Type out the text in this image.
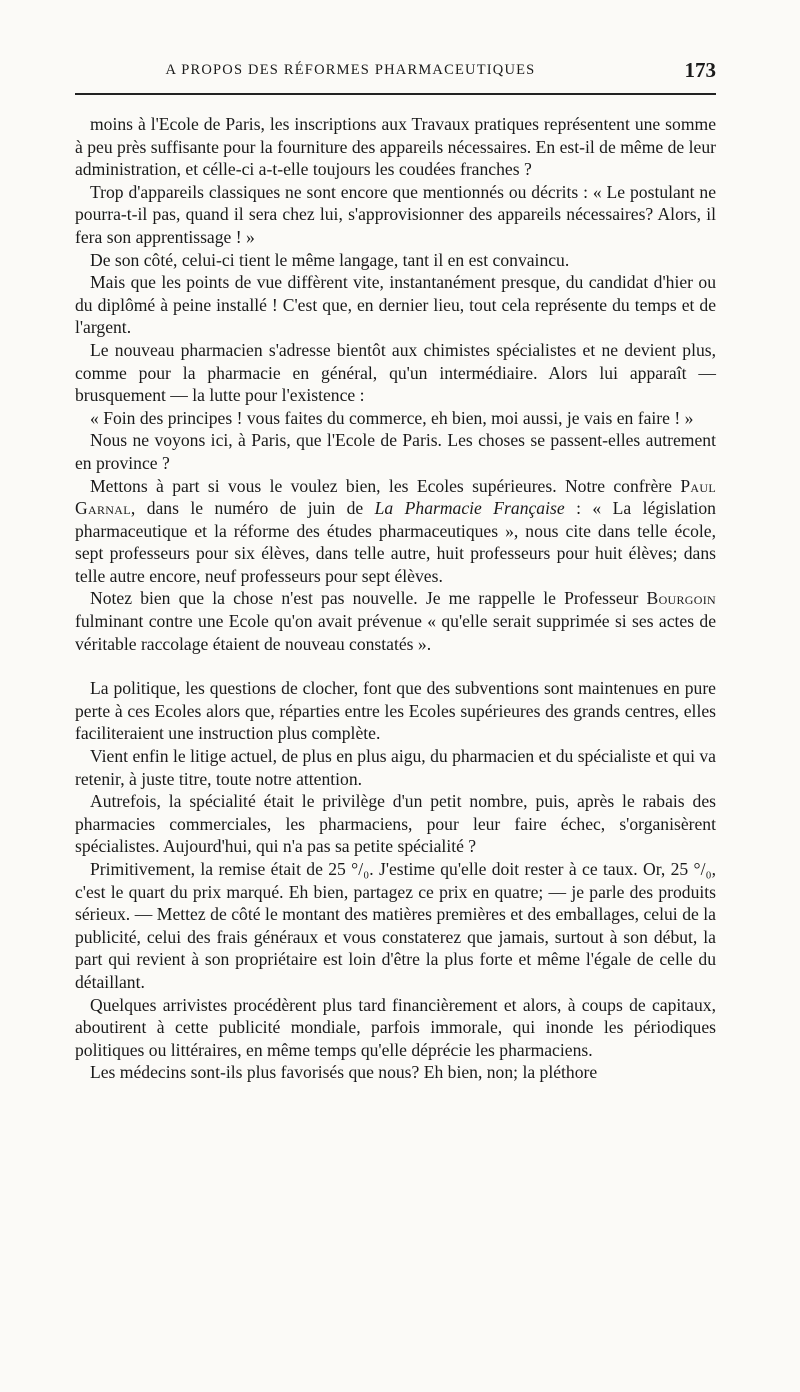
A PROPOS DES RÉFORMES PHARMACEUTIQUES	173

moins à l'Ecole de Paris, les inscriptions aux Travaux pratiques représentent une somme à peu près suffisante pour la fourniture des appareils nécessaires. En est-il de même de leur administration, et célle-ci a-t-elle toujours les coudées franches ?

Trop d'appareils classiques ne sont encore que mentionnés ou décrits : « Le postulant ne pourra-t-il pas, quand il sera chez lui, s'approvisionner des appareils nécessaires? Alors, il fera son apprentissage ! »

De son côté, celui-ci tient le même langage, tant il en est convaincu.

Mais que les points de vue diffèrent vite, instantanément presque, du candidat d'hier ou du diplômé à peine installé ! C'est que, en dernier lieu, tout cela représente du temps et de l'argent.

Le nouveau pharmacien s'adresse bientôt aux chimistes spécialistes et ne devient plus, comme pour la pharmacie en général, qu'un intermédiaire. Alors lui apparaît — brusquement — la lutte pour l'existence :

« Foin des principes ! vous faites du commerce, eh bien, moi aussi, je vais en faire ! »

Nous ne voyons ici, à Paris, que l'Ecole de Paris. Les choses se passent-elles autrement en province ?

Mettons à part si vous le voulez bien, les Ecoles supérieures. Notre confrère Paul Garnal, dans le numéro de juin de La Pharmacie Française : « La législation pharmaceutique et la réforme des études pharmaceutiques », nous cite dans telle école, sept professeurs pour six élèves, dans telle autre, huit professeurs pour huit élèves; dans telle autre encore, neuf professeurs pour sept élèves.

Notez bien que la chose n'est pas nouvelle. Je me rappelle le Professeur Bourgoin fulminant contre une Ecole qu'on avait prévenue « qu'elle serait supprimée si ses actes de véritable raccolage étaient de nouveau constatés ».

La politique, les questions de clocher, font que des subventions sont maintenues en pure perte à ces Ecoles alors que, réparties entre les Ecoles supérieures des grands centres, elles faciliteraient une instruction plus complète.

Vient enfin le litige actuel, de plus en plus aigu, du pharmacien et du spécialiste et qui va retenir, à juste titre, toute notre attention.

Autrefois, la spécialité était le privilège d'un petit nombre, puis, après le rabais des pharmacies commerciales, les pharmaciens, pour leur faire échec, s'organisèrent spécialistes. Aujourd'hui, qui n'a pas sa petite spécialité ?

Primitivement, la remise était de 25 °/₀. J'estime qu'elle doit rester à ce taux. Or, 25 °/₀, c'est le quart du prix marqué. Eh bien, partagez ce prix en quatre; — je parle des produits sérieux. — Mettez de côté le montant des matières premières et des emballages, celui de la publicité, celui des frais généraux et vous constaterez que jamais, surtout à son début, la part qui revient à son propriétaire est loin d'être la plus forte et même l'égale de celle du détaillant.

Quelques arrivistes procédèrent plus tard financièrement et alors, à coups de capitaux, aboutirent à cette publicité mondiale, parfois immorale, qui inonde les périodiques politiques ou littéraires, en même temps qu'elle déprécie les pharmaciens.

Les médecins sont-ils plus favorisés que nous? Eh bien, non; la pléthore
